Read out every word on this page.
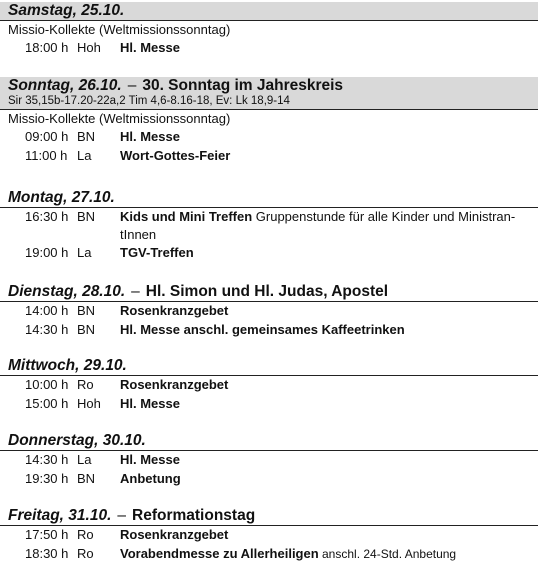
Samstag, 25.10.
Missio-Kollekte (Weltmissionssonntag)
18:00 h Hoh Hl. Messe
Sonntag, 26.10. – 30. Sonntag im Jahreskreis
Sir 35,15b-17.20-22a,2 Tim 4,6-8.16-18, Ev: Lk 18,9-14
Missio-Kollekte (Weltmissionssonntag)
09:00 h BN Hl. Messe
11:00 h La Wort-Gottes-Feier
Montag, 27.10.
16:30 h BN Kids und Mini Treffen Gruppenstunde für alle Kinder und Ministran-tInnen
19:00 h La TGV-Treffen
Dienstag, 28.10. – Hl. Simon und Hl. Judas, Apostel
14:00 h BN Rosenkranzgebet
14:30 h BN Hl. Messe anschl. gemeinsames Kaffeetrinken
Mittwoch, 29.10.
10:00 h Ro Rosenkranzgebet
15:00 h Hoh Hl. Messe
Donnerstag, 30.10.
14:30 h La Hl. Messe
19:30 h BN Anbetung
Freitag, 31.10. – Reformationstag
17:50 h Ro Rosenkranzgebet
18:30 h Ro Vorabendmesse zu Allerheiligen anschl. 24-Std. Anbetung
